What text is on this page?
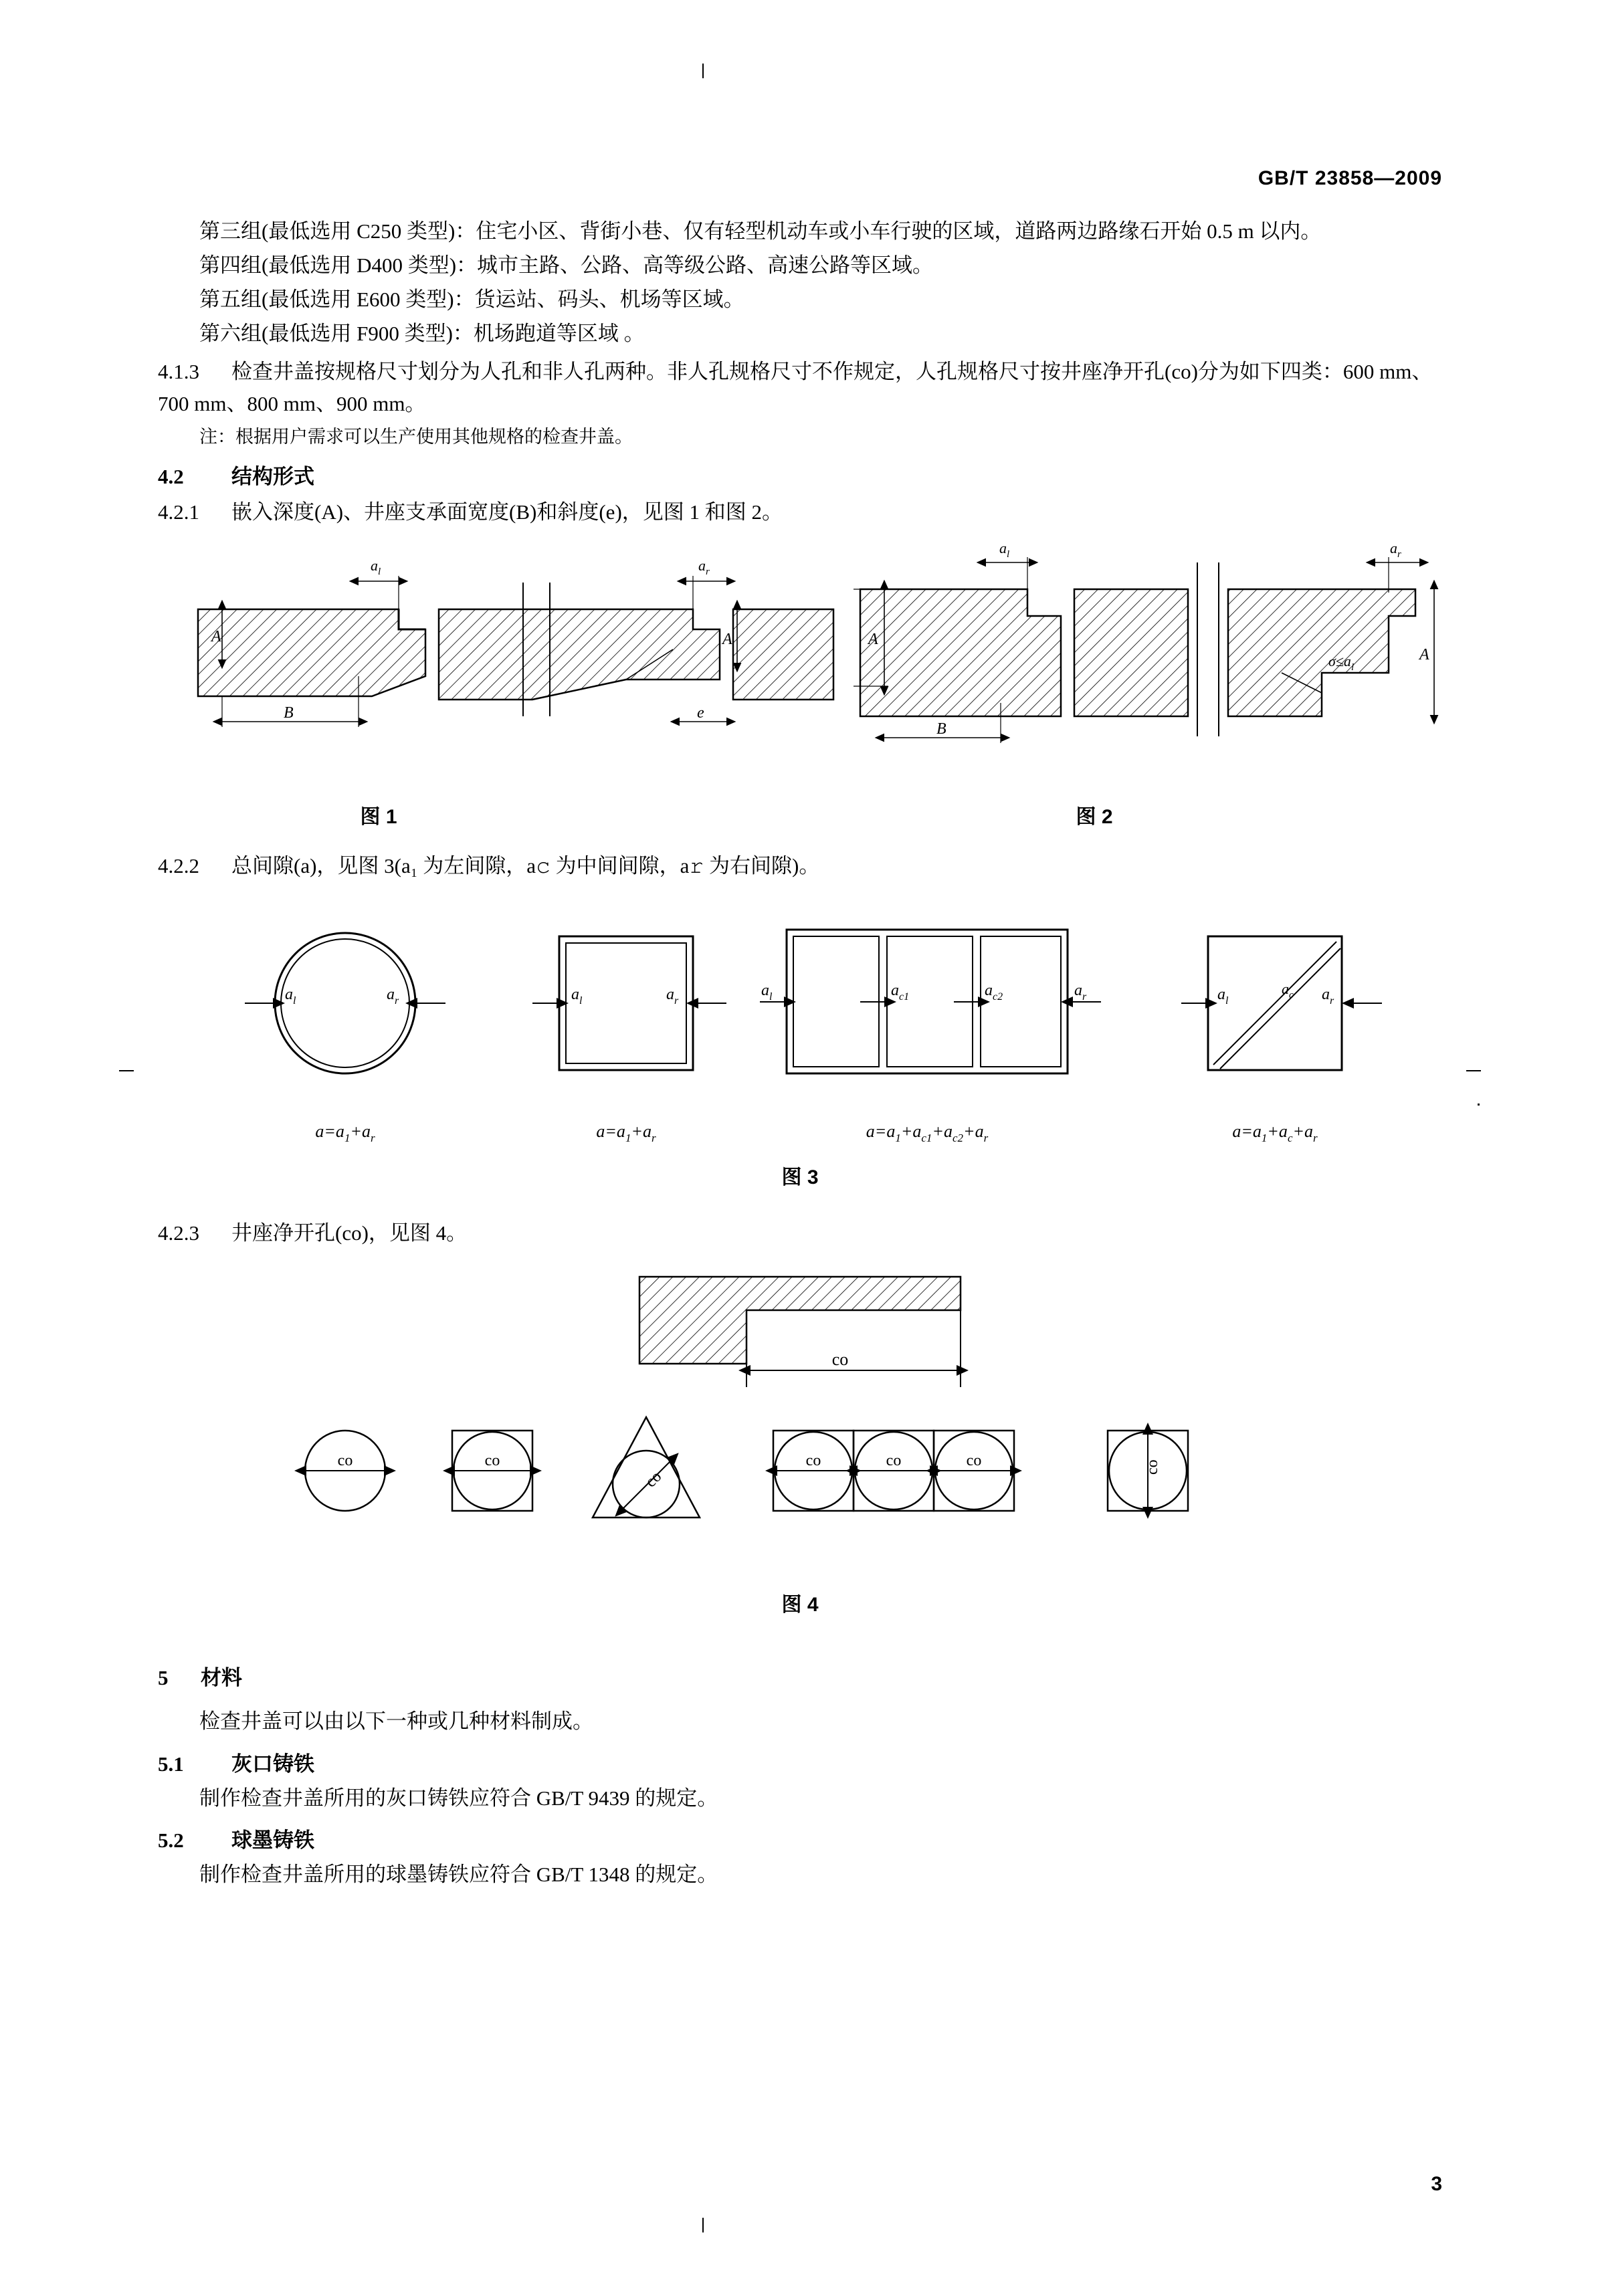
GB/T 23858—2009

第三组(最低选用 C250 类型)：住宅小区、背街小巷、仅有轻型机动车或小车行驶的区域，道路两边路缘石开始 0.5 m 以内。

第四组(最低选用 D400 类型)：城市主路、公路、高等级公路、高速公路等区域。

第五组(最低选用 E600 类型)：货运站、码头、机场等区域。

第六组(最低选用 F900 类型)：机场跑道等区域 。

4.1.3 检查井盖按规格尺寸划分为人孔和非人孔两种。非人孔规格尺寸不作规定，人孔规格尺寸按井座净开孔(co)分为如下四类：600 mm、700 mm、800 mm、900 mm。
注：根据用户需求可以生产使用其他规格的检查井盖。
4.2 结构形式
4.2.1 嵌入深度(A)、井座支承面宽度(B)和斜度(e)，见图 1 和图 2。
A
B
$a_l$	$a_r$
A
e
A
B
$a_l$	$a_r$
A
$\sigma\le a_l$
图 1	图 2
4.2.2 总间隙(a)，见图 3(a₁ 为左间隙，a𝚌 为中间间隙，a𝚛 为右间隙)。
$a_l$	$a_r$
$a=a_1+a_r$
$a_l$	$a_r$
$a=a_1+a_r$
$a_l$	$a_{c1}$	$a_{c2}$	$a_r$
$a=a_1+a_{c1}+a_{c2}+a_r$
$a_l$	$a_r$
$a_c$
$a=a_1+a_c+a_r$
图 3
4.2.3 井座净开孔(co)，见图 4。
co
co	co
co
co	co	co	co
图 4
5 材料

检查井盖可以由以下一种或几种材料制成。

5.1 灰口铸铁

制作检查井盖所用的灰口铸铁应符合 GB/T 9439 的规定。

5.2 球墨铸铁

制作检查井盖所用的球墨铸铁应符合 GB/T 1348 的规定。

3
